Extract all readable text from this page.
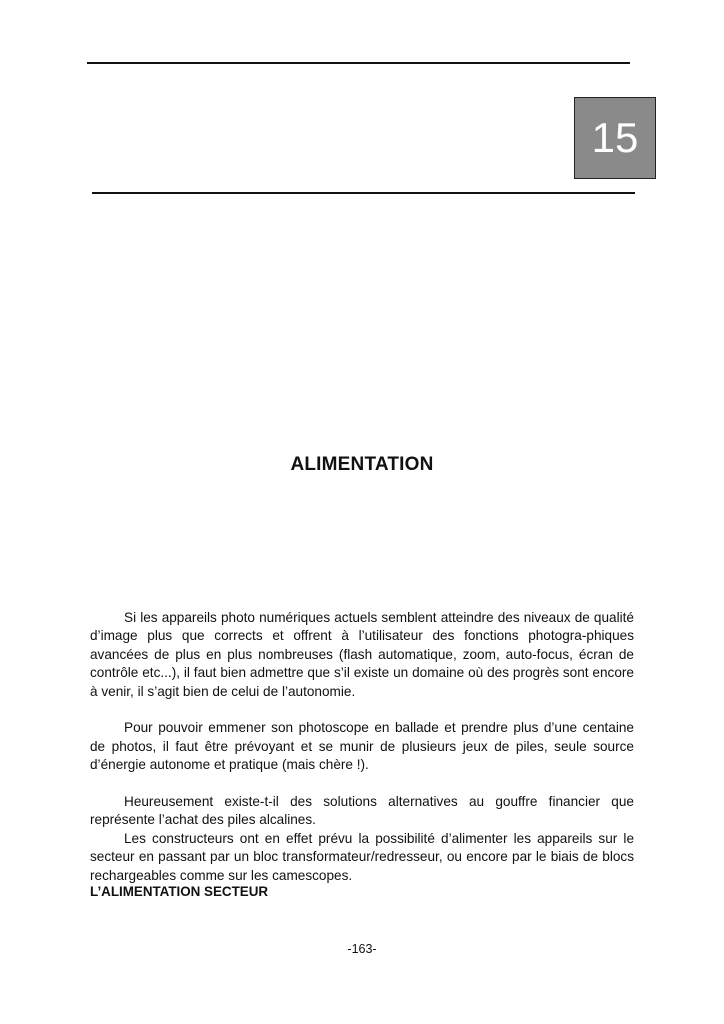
15
ALIMENTATION

Si les appareils photo numériques actuels semblent atteindre des niveaux de qualité d’image plus que corrects et offrent à l’utilisateur des fonctions photogra-phiques avancées de plus en plus nombreuses (flash automatique, zoom, auto-focus, écran de contrôle etc...), il faut bien admettre que s’il existe un domaine où des progrès sont encore à venir, il s’agit bien de celui de l’autonomie.

Pour pouvoir emmener son photoscope en ballade et prendre plus d’une centaine de photos, il faut être prévoyant et se munir de plusieurs jeux de piles, seule source d’énergie autonome et pratique (mais chère !).

Heureusement existe-t-il des solutions alternatives au gouffre financier que représente l’achat des piles alcalines.

Les constructeurs ont en effet prévu la possibilité d’alimenter les appareils sur le secteur en passant par un bloc transformateur/redresseur, ou encore par le biais de blocs rechargeables comme sur les camescopes.

L’ALIMENTATION SECTEUR
-163-
